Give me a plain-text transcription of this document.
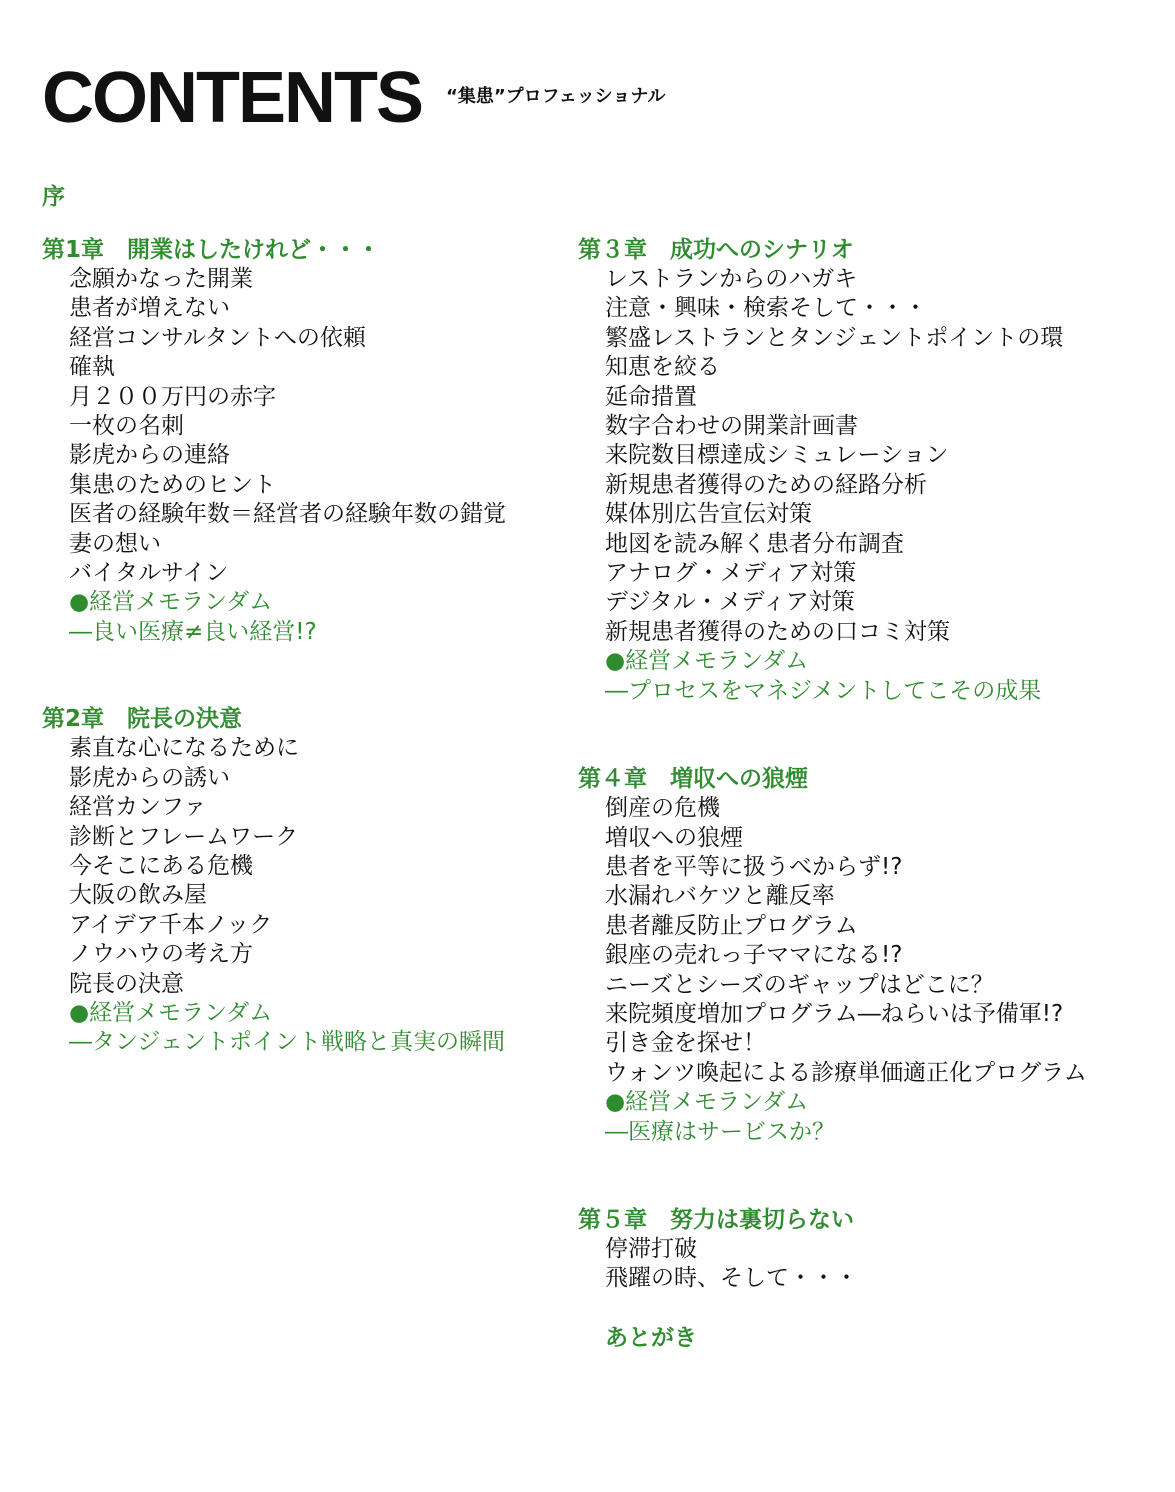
CONTENTS “集患”プロフェッショナル
序
第1章　開業はしたけれど・・・
念願かなった開業
患者が増えない
経営コンサルタントへの依頼
確執
月２００万円の赤字
一枚の名刺
影虎からの連絡
集患のためのヒント
医者の経験年数＝経営者の経験年数の錯覚
妻の想い
バイタルサイン
●経営メモランダム
―良い医療≠良い経営!?
第2章　院長の決意
素直な心になるために
影虎からの誘い
経営カンファ
診断とフレームワーク
今そこにある危機
大阪の飲み屋
アイデア千本ノック
ノウハウの考え方
院長の決意
●経営メモランダム
―タンジェントポイント戦略と真実の瞬間
第３章　成功へのシナリオ
レストランからのハガキ
注意・興味・検索そして・・・
繁盛レストランとタンジェントポイントの環
知恵を絞る
延命措置
数字合わせの開業計画書
来院数目標達成シミュレーション
新規患者獲得のための経路分析
媒体別広告宣伝対策
地図を読み解く患者分布調査
アナログ・メディア対策
デジタル・メディア対策
新規患者獲得のための口コミ対策
●経営メモランダム
―プロセスをマネジメントしてこその成果
第４章　増収への狼煙
倒産の危機
増収への狼煙
患者を平等に扱うべからず!?
水漏れバケツと離反率
患者離反防止プログラム
銀座の売れっ子ママになる!?
ニーズとシーズのギャップはどこに？
来院頻度増加プログラム―ねらいは予備軍!?
引き金を探せ！
ウォンツ喚起による診療単価適正化プログラム
●経営メモランダム
―医療はサービスか？
第５章　努力は裏切らない
停滞打破
飛躍の時、そして・・・
あとがき
